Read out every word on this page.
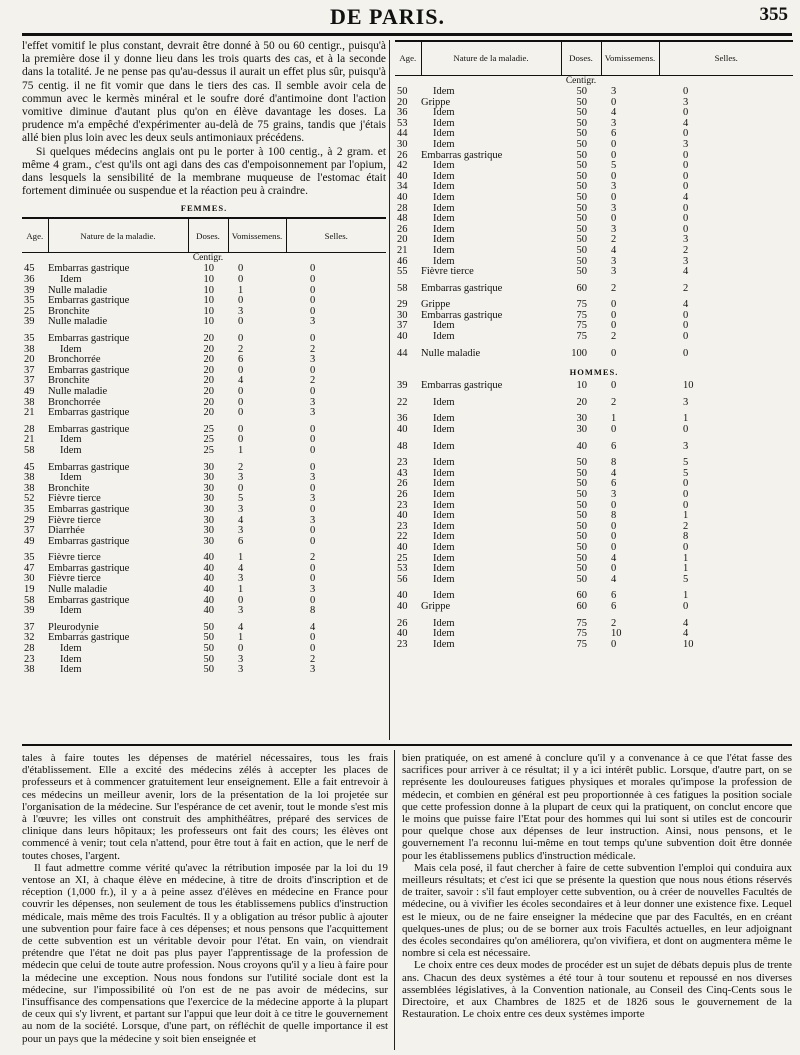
DE PARIS.	355

l'effet vomitif le plus constant, devrait être donné à 50 ou 60 centigr., puisqu'à la première dose il y donne lieu dans les trois quarts des cas, et à la seconde dans la totalité. Je ne pense pas qu'au-dessus il aurait un effet plus sûr, puisqu'à 75 centig. il ne fit vomir que dans le tiers des cas. Il semble avoir cela de commun avec le kermès minéral et le soufre doré d'antimoine dont l'action vomitive diminue d'autant plus qu'on en élève davantage les doses. La prudence m'a empêché d'expérimenter au-delà de 75 grains, tandis que j'étais allé bien plus loin avec les deux seuls antimoniaux précédens.

Si quelques médecins anglais ont pu le porter à 100 centig., à 2 gram. et même 4 gram., c'est qu'ils ont agi dans des cas d'empoisonnement par l'opium, dans lesquels la sensibilité de la membrane muqueuse de l'estomac était fortement diminuée ou suspendue et la réaction peu à craindre.

FEMMES.
Age.	Nature de la maladie.	Doses.	Vomissemens.	Selles.
		Centigr.		
45	Embarras gastrique	10	0	0
36	Idem	10	0	0
39	Nulle maladie	10	1	0
35	Embarras gastrique	10	0	0
25	Bronchite	10	3	0
39	Nulle maladie	10	0	3

35	Embarras gastrique	20	0	0
38	Idem	20	2	2
20	Bronchorrée	20	6	3
37	Embarras gastrique	20	0	0
37	Bronchite	20	4	2
49	Nulle maladie	20	0	0
38	Bronchorrée	20	0	3
21	Embarras gastrique	20	0	3

28	Embarras gastrique	25	0	0
21	Idem	25	0	0
58	Idem	25	1	0

45	Embarras gastrique	30	2	0
38	Idem	30	3	3
38	Bronchite	30	0	0
52	Fièvre tierce	30	5	3
35	Embarras gastrique	30	3	0
29	Fièvre tierce	30	4	3
37	Diarrhée	30	3	0
49	Embarras gastrique	30	6	0

35	Fièvre tierce	40	1	2
47	Embarras gastrique	40	4	0
30	Fièvre tierce	40	3	0
19	Nulle maladie	40	1	3
58	Embarras gastrique	40	0	0
39	Idem	40	3	8

37	Pleurodynie	50	4	4
32	Embarras gastrique	50	1	0
28	Idem	50	0	0
23	Idem	50	3	2
38	Idem	50	3	3
Age.	Nature de la maladie.	Doses.	Vomissemens.	Selles.
		Centigr.		
50	Idem	50	3	0
20	Grippe	50	0	3
36	Idem	50	4	0
53	Idem	50	3	4
44	Idem	50	6	0
30	Idem	50	0	3
26	Embarras gastrique	50	0	0
42	Idem	50	5	0
40	Idem	50	0	0
34	Idem	50	3	0
40	Idem	50	0	4
28	Idem	50	3	0
48	Idem	50	0	0
26	Idem	50	3	0
20	Idem	50	2	3
21	Idem	50	4	2
46	Idem	50	3	3
55	Fièvre tierce	50	3	4

58	Embarras gastrique	60	2	2

29	Grippe	75	0	4
30	Embarras gastrique	75	0	0
37	Idem	75	0	0
40	Idem	75	2	0

44	Nulle maladie	100	0	0
HOMMES.
39	Embarras gastrique	10	0	10

22	Idem	20	2	3

36	Idem	30	1	1
40	Idem	30	0	0

48	Idem	40	6	3

23	Idem	50	8	5
43	Idem	50	4	5
26	Idem	50	6	0
26	Idem	50	3	0
23	Idem	50	0	0
40	Idem	50	8	1
23	Idem	50	0	2
22	Idem	50	0	8
40	Idem	50	0	0
25	Idem	50	4	1
53	Idem	50	0	1
56	Idem	50	4	5

40	Idem	60	6	1
40	Grippe	60	6	0

26	Idem	75	2	4
40	Idem	75	10	4
23	Idem	75	0	10

tales à faire toutes les dépenses de matériel nécessaires, tous les frais d'établissement. Elle a excité des médecins zélés à accepter les places de professeurs et à commencer gratuitement leur enseignement. Elle a fait entrevoir à ces médecins un meilleur avenir, lors de la présentation de la loi projetée sur l'organisation de la médecine. Sur l'espérance de cet avenir, tout le monde s'est mis à l'œuvre; les villes ont construit des amphithéâtres, préparé des services de clinique dans leurs hôpitaux; les professeurs ont fait des cours; les élèves ont commencé à venir; tout cela n'attend, pour être tout à fait en action, que le nerf de toutes choses, l'argent.

Il faut admettre comme vérité qu'avec la rétribution imposée par la loi du 19 ventose an XI, à chaque élève en médecine, à titre de droits d'inscription et de réception (1,000 fr.), il y a à peine assez d'élèves en médecine en France pour couvrir les dépenses, non seulement de tous les établissemens publics d'instruction médicale, mais même des trois Facultés. Il y a obligation au trésor public à ajouter une subvention pour faire face à ces dépenses; et nous pensons que l'acquittement de cette subvention est un véritable devoir pour l'état. En vain, on viendrait prétendre que l'état ne doit pas plus payer l'apprentissage de la profession de médecin que celui de toute autre profession. Nous croyons qu'il y a lieu à faire pour la médecine une exception. Nous nous fondons sur l'utilité sociale dont est la médecine, sur l'impossibilité où l'on est de ne pas avoir de médecins, sur l'insuffisance des compensations que l'exercice de la médecine apporte à la plupart de ceux qui s'y livrent, et partant sur l'appui que leur doit à ce titre le gouvernement au nom de la société. Lorsque, d'une part, on réfléchit de quelle importance il est pour un pays que la médecine y soit bien enseignée et

bien pratiquée, on est amené à conclure qu'il y a convenance à ce que l'état fasse des sacrifices pour arriver à ce résultat; il y a ici intérêt public. Lorsque, d'autre part, on se représente les douloureuses fatigues physiques et morales qu'impose la profession de médecin, et combien en général est peu proportionnée à ces fatigues la position sociale que cette profession donne à la plupart de ceux qui la pratiquent, on conclut encore que le moins que puisse faire l'Etat pour des hommes qui lui sont si utiles est de concourir pour quelque chose aux dépenses de leur instruction. Ainsi, nous pensons, et le gouvernement l'a reconnu lui-même en tout temps qu'une subvention doit être donnée pour les établissemens publics d'instruction médicale.

Mais cela posé, il faut chercher à faire de cette subvention l'emploi qui conduira aux meilleurs résultats; et c'est ici que se présente la question que nous nous étions réservés de traiter, savoir : s'il faut employer cette subvention, ou à créer de nouvelles Facultés de médecine, ou à vivifier les écoles secondaires et à leur donner une existence fixe. Lequel est le mieux, ou de ne faire enseigner la médecine que par des Facultés, en en créant quelques-unes de plus; ou de se borner aux trois Facultés actuelles, en leur adjoignant des écoles secondaires qu'on améliorera, qu'on vivifiera, et dont on augmentera même le nombre si cela est nécessaire.

Le choix entre ces deux modes de procéder est un sujet de débats depuis plus de trente ans. Chacun des deux systèmes a été tour à tour soutenu et repoussé en nos diverses assemblées législatives, à la Convention nationale, au Conseil des Cinq-Cents sous le Directoire, et aux Chambres de 1825 et de 1826 sous le gouvernement de la Restauration. Le choix entre ces deux systèmes importe
